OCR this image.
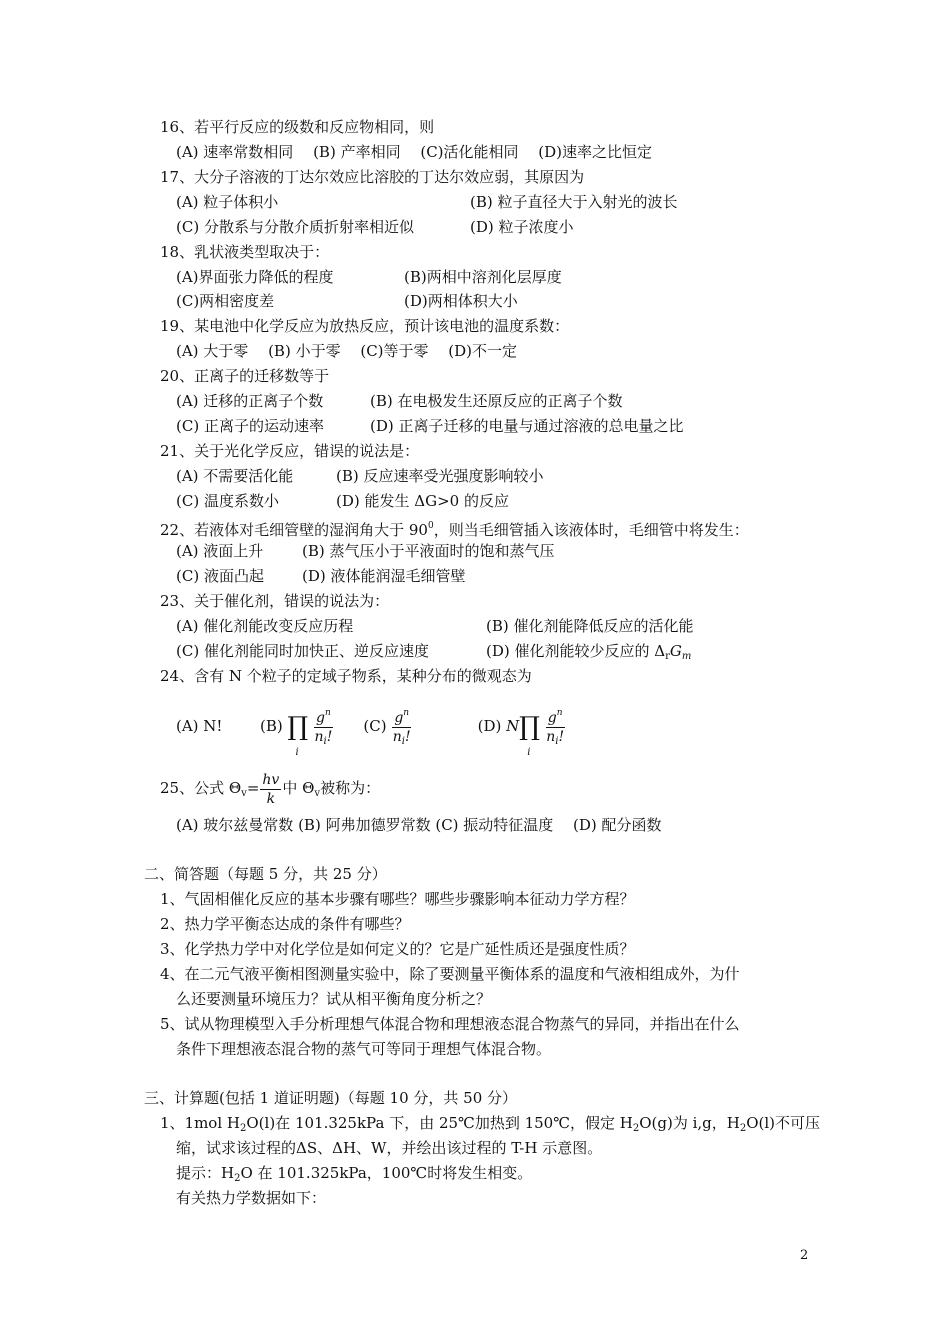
16、若平行反应的级数和反应物相同，则
(A) 速率常数相同　 (B) 产率相同　 (C)活化能相同　 (D)速率之比恒定
17、大分子溶液的丁达尔效应比溶胶的丁达尔效应弱，其原因为
(A) 粒子体积小	(B) 粒子直径大于入射光的波长
(C) 分散系与分散介质折射率相近似	(D) 粒子浓度小
18、乳状液类型取决于：
(A)界面张力降低的程度	(B)两相中溶剂化层厚度
(C)两相密度差	(D)两相体积大小
19、某电池中化学反应为放热反应，预计该电池的温度系数：
(A) 大于零　 (B) 小于零　 (C)等于零　 (D)不一定
20、正离子的迁移数等于
(A) 迁移的正离子个数	(B) 在电极发生还原反应的正离子个数
(C) 正离子的运动速率	(D) 正离子迁移的电量与通过溶液的总电量之比
21、关于光化学反应，错误的说法是：
(A) 不需要活化能	(B) 反应速率受光强度影响较小
(C) 温度系数小	(D) 能发生 ΔG>0 的反应
22、若液体对毛细管壁的湿润角大于 $90^0$，则当毛细管插入该液体时，毛细管中将发生：
(A) 液面上升	(B) 蒸气压小于平液面时的饱和蒸气压
(C) 液面凸起	(D) 液体能润湿毛细管壁
23、关于催化剂，错误的说法为：
(A) 催化剂能改变反应历程	(B) 催化剂能降低反应的活化能
(C) 催化剂能同时加快正、逆反应速度	(D) 催化剂能较少反应的 $\Delta_rG_m$
24、含有 N 个粒子的定域子物系，某种分布的微观态为
(A) N!	(B) ∏
i

$\frac{g^n}{n_i!} (C) \frac{g^n}{n_i!}$	(D) N∏
i

$\frac{g^n}{n_i!}$
25、公式 $\Theta_v= \frac{hv}{k}$ 中 $\Theta_v$被称为：
(A) 玻尔兹曼常数 (B) 阿弗加德罗常数 (C) 振动特征温度　 (D) 配分函数
二、简答题（每题 5 分，共 25 分）
1、气固相催化反应的基本步骤有哪些？哪些步骤影响本征动力学方程？
2、热力学平衡态达成的条件有哪些？
3、化学热力学中对化学位是如何定义的？它是广延性质还是强度性质？
4、在二元气液平衡相图测量实验中，除了要测量平衡体系的温度和气液相组成外，为什
么还要测量环境压力？试从相平衡角度分析之？
5、试从物理模型入手分析理想气体混合物和理想液态混合物蒸气的异同，并指出在什么
条件下理想液态混合物的蒸气可等同于理想气体混合物。
三、计算题(包括 1 道证明题)（每题 10 分，共 50 分）
1、1mol $H_2O(l)$在 101.325kPa 下，由 25℃加热到 150℃，假定 $H_2O(g)$为 i,g，$H_2O(l)$不可压
缩，试求该过程的ΔS、ΔH、W，并绘出该过程的 T-H 示意图。
提示：$H_2O$ 在 101.325kPa，100℃时将发生相变。
有关热力学数据如下：
2
